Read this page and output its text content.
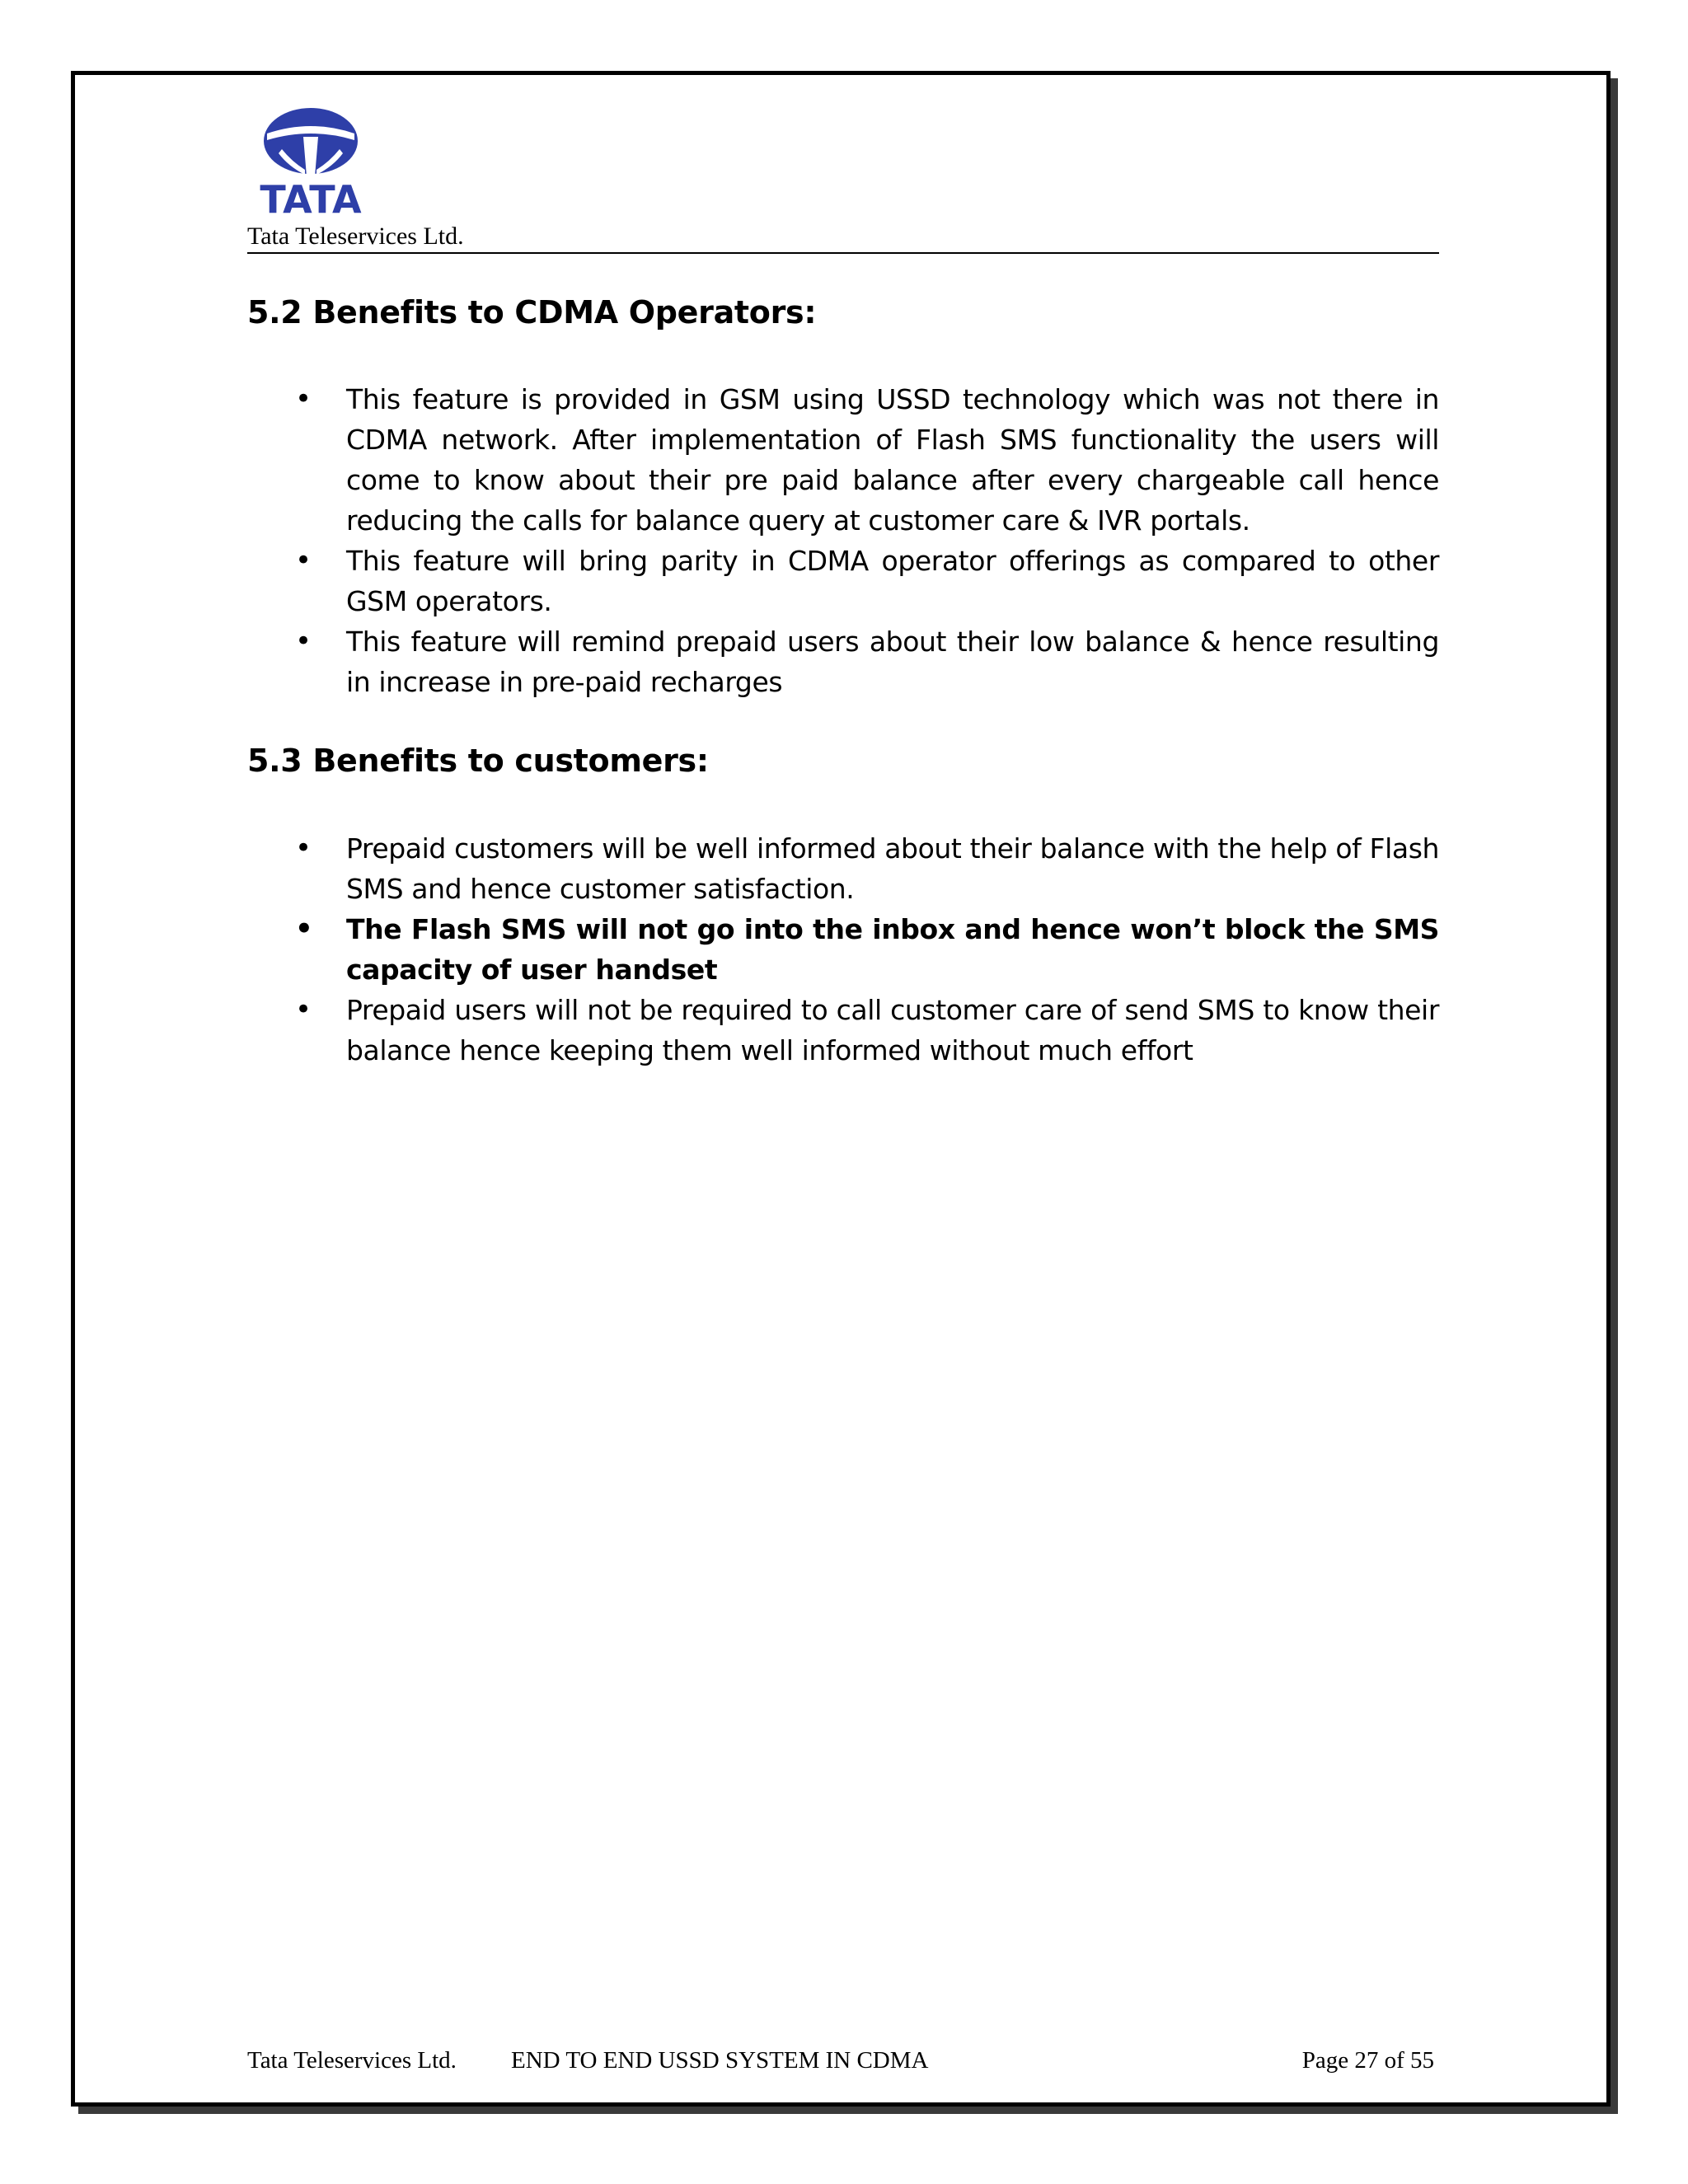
TATA
Tata Teleservices Ltd.
5.2 Benefits to CDMA Operators:
• This feature is provided in GSM using USSD technology which was not there in CDMA network. After implementation of Flash SMS functionality the users will come to know about their pre paid balance after every chargeable call hence reducing the calls for balance query at customer care & IVR portals.
• This feature will bring parity in CDMA operator offerings as compared to other GSM operators.
• This feature will remind prepaid users about their low balance & hence resulting in increase in pre-paid recharges
5.3 Benefits to customers:
• Prepaid customers will be well informed about their balance with the help of Flash SMS and hence customer satisfaction.
• The Flash SMS will not go into the inbox and hence won’t block the SMS capacity of user handset
• Prepaid users will not be required to call customer care of send SMS to know their balance hence keeping them well informed without much effort
Tata Teleservices Ltd. END TO END USSD SYSTEM IN CDMA	Page 27 of 55
